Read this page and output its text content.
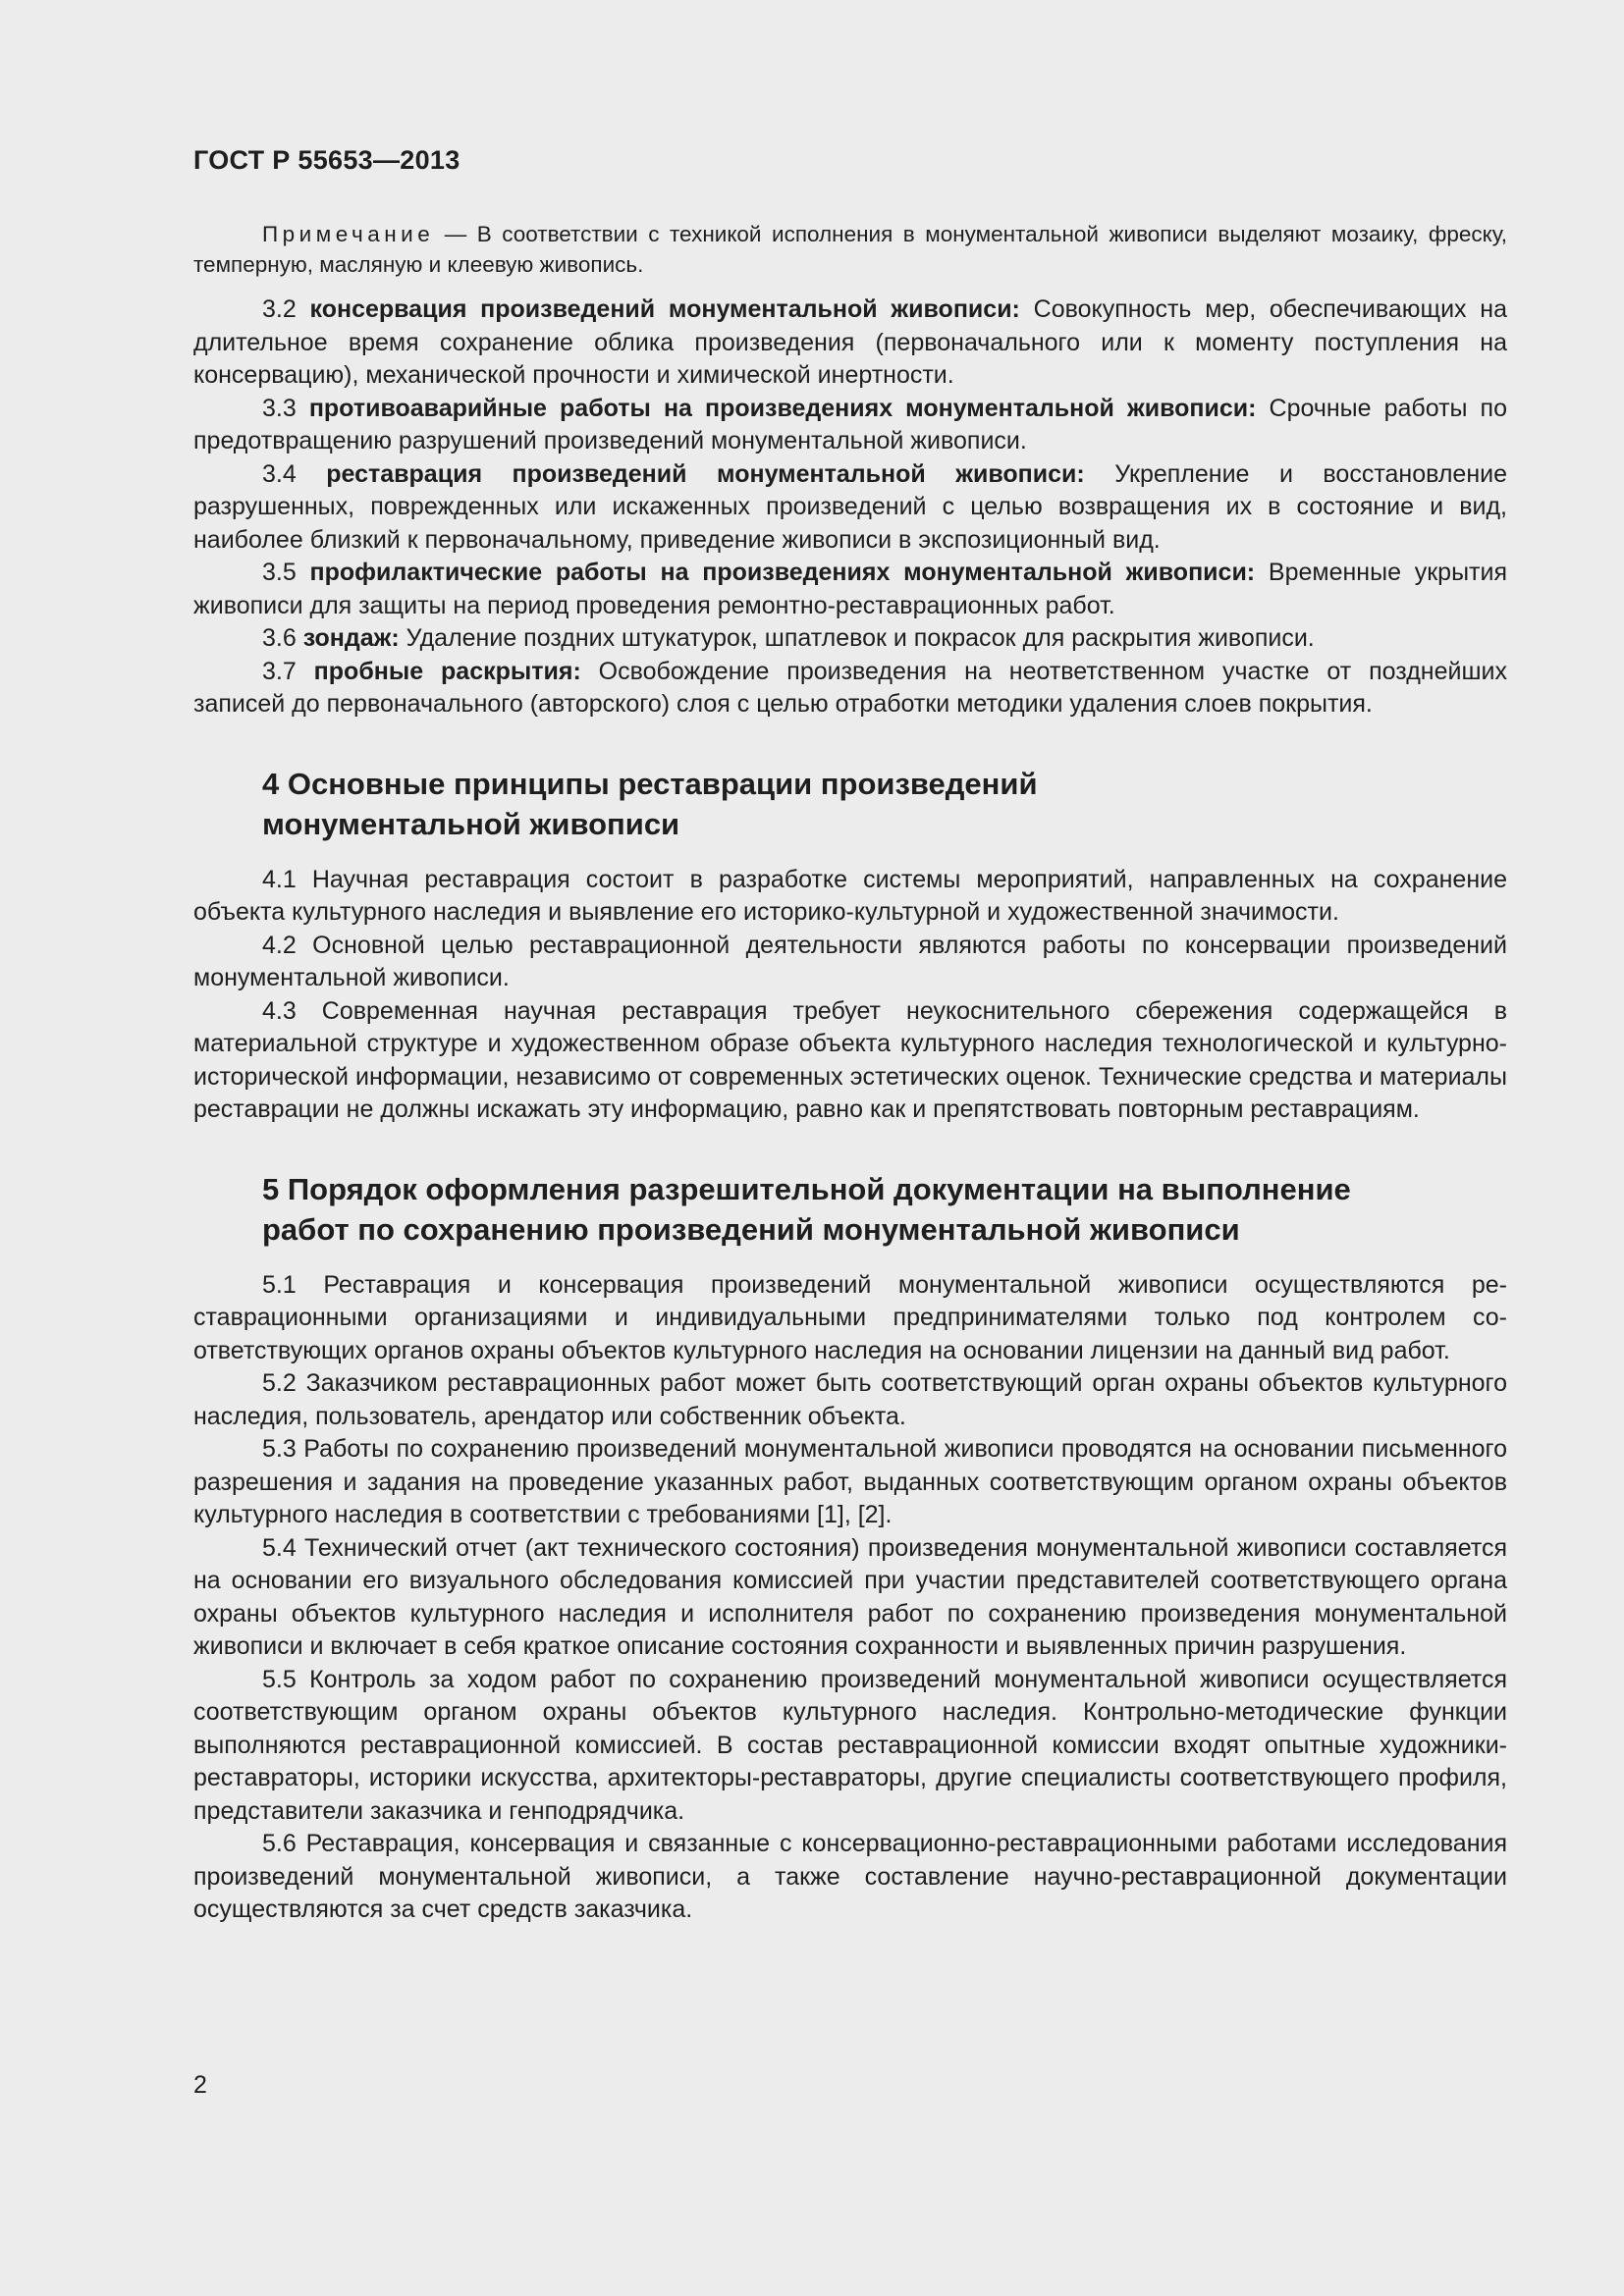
ГОСТ Р 55653—2013

Примечание — В соответствии с техникой исполнения в монументальной живописи выделяют мозаику, фреску, темперную, масляную и клеевую живопись.

3.2 консервация произведений монументальной живописи: Совокупность мер, обеспечивающих на длительное время сохранение облика произведения (первоначального или к моменту поступления на консервацию), механической прочности и химической инертности.

3.3 противоаварийные работы на произведениях монументальной живописи: Срочные работы по предотвращению разрушений произведений монументальной живописи.

3.4 реставрация произведений монументальной живописи: Укрепление и восстановление разрушенных, поврежденных или искаженных произведений с целью возвращения их в состояние и вид, наиболее близкий к первоначальному, приведение живописи в экспозиционный вид.

3.5 профилактические работы на произведениях монументальной живописи: Временные укрытия живописи для защиты на период проведения ремонтно-реставрационных работ.

3.6 зондаж: Удаление поздних штукатурок, шпатлевок и покрасок для раскрытия живописи.

3.7 пробные раскрытия: Освобождение произведения на неответственном участке от позднейших записей до первоначального (авторского) слоя с целью отработки методики удаления слоев покрытия.

4 Основные принципы реставрации произведений

монументальной живописи

4.1 Научная реставрация состоит в разработке системы мероприятий, направленных на сохранение объекта культурного наследия и выявление его историко-культурной и художественной значимости.

4.2 Основной целью реставрационной деятельности являются работы по консервации произведений монументальной живописи.

4.3 Современная научная реставрация требует неукоснительного сбережения содержащейся в материальной структуре и художественном образе объекта культурного наследия технологической и культурно-исторической информации, независимо от современных эстетических оценок. Технические средства и материалы реставрации не должны искажать эту информацию, равно как и препятствовать повторным реставрациям.

5 Порядок оформления разрешительной документации на выполнение

работ по сохранению произведений монументальной живописи

5.1 Реставрация и консервация произведений монументальной живописи осуществляются реставрационными организациями и индивидуальными предпринимателями только под контролем соответствующих органов охраны объектов культурного наследия на основании лицензии на данный вид работ.

5.2 Заказчиком реставрационных работ может быть соответствующий орган охраны объектов культурного наследия, пользователь, арендатор или собственник объекта.

5.3 Работы по сохранению произведений монументальной живописи проводятся на основании письменного разрешения и задания на проведение указанных работ, выданных соответствующим органом охраны объектов культурного наследия в соответствии с требованиями [1], [2].

5.4 Технический отчет (акт технического состояния) произведения монументальной живописи составляется на основании его визуального обследования комиссией при участии представителей соответствующего органа охраны объектов культурного наследия и исполнителя работ по сохранению произведения монументальной живописи и включает в себя краткое описание состояния сохранности и выявленных причин разрушения.

5.5 Контроль за ходом работ по сохранению произведений монументальной живописи осуществляется соответствующим органом охраны объектов культурного наследия. Контрольно-методические функции выполняются реставрационной комиссией. В состав реставрационной комиссии входят опытные художники-реставраторы, историки искусства, архитекторы-реставраторы, другие специалисты соответствующего профиля, представители заказчика и генподрядчика.

5.6 Реставрация, консервация и связанные с консервационно-реставрационными работами исследования произведений монументальной живописи, а также составление научно-реставрационной документации осуществляются за счет средств заказчика.

2
